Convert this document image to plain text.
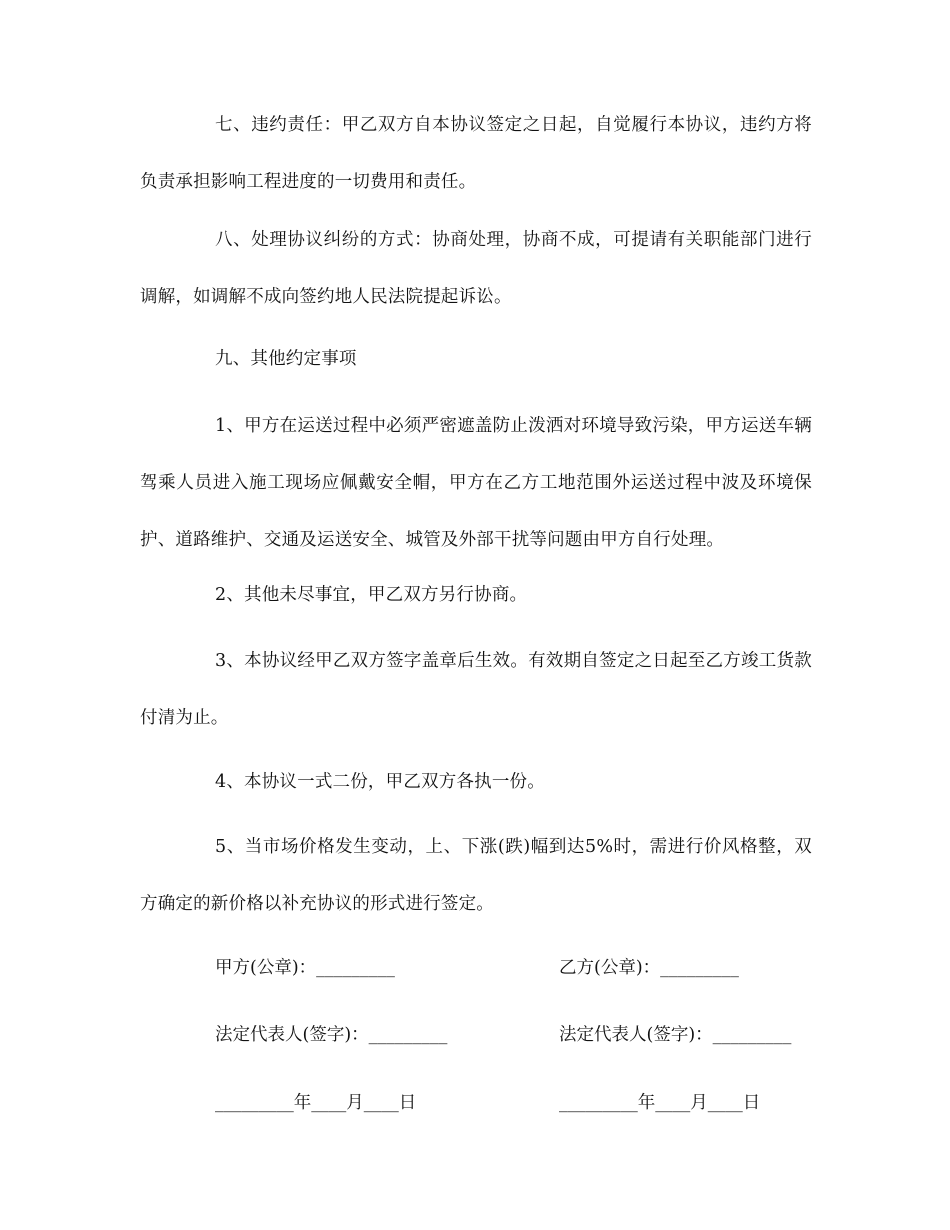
七、违约责任：甲乙双方自本协议签定之日起，自觉履行本协议，违约方将负责承担影响工程进度的一切费用和责任。
八、处理协议纠纷的方式：协商处理，协商不成，可提请有关职能部门进行调解，如调解不成向签约地人民法院提起诉讼。
九、其他约定事项
1、甲方在运送过程中必须严密遮盖防止泼洒对环境导致污染，甲方运送车辆驾乘人员进入施工现场应佩戴安全帽，甲方在乙方工地范围外运送过程中波及环境保护、道路维护、交通及运送安全、城管及外部干扰等问题由甲方自行处理。
2、其他未尽事宜，甲乙双方另行协商。
3、本协议经甲乙双方签字盖章后生效。有效期自签定之日起至乙方竣工货款付清为止。
4、本协议一式二份，甲乙双方各执一份。
5、当市场价格发生变动，上、下涨(跌)幅到达5%时，需进行价风格整，双方确定的新价格以补充协议的形式进行签定。
甲方(公章)：_________	乙方(公章)：_________
法定代表人(签字)：_________	法定代表人(签字)：_________
_________年____月____日	_________年____月____日
